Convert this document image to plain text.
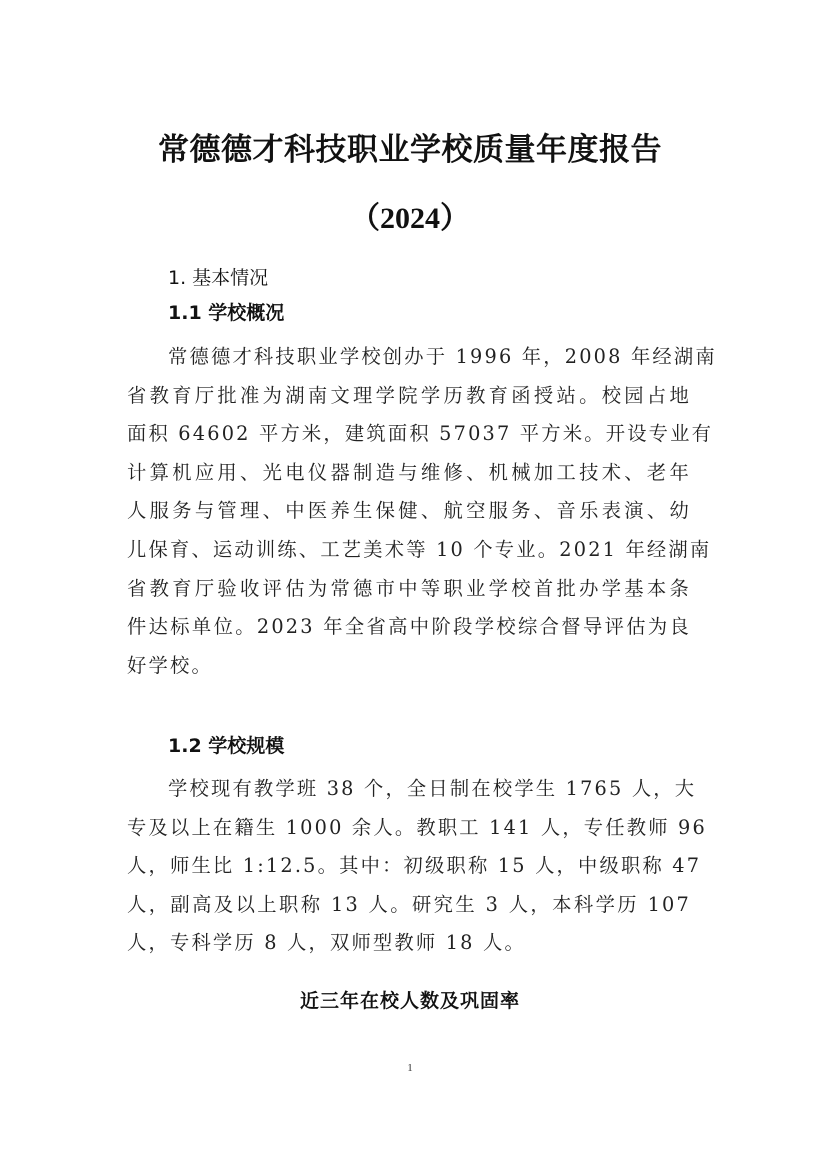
常德德才科技职业学校质量年度报告
（2024）
1. 基本情况
1.1 学校概况
常德德才科技职业学校创办于 1996 年，2008 年经湖南
省教育厅批准为湖南文理学院学历教育函授站。校园占地
面积 64602 平方米，建筑面积 57037 平方米。开设专业有
计算机应用、光电仪器制造与维修、机械加工技术、老年
人服务与管理、中医养生保健、航空服务、音乐表演、幼
儿保育、运动训练、工艺美术等 10 个专业。2021 年经湖南
省教育厅验收评估为常德市中等职业学校首批办学基本条
件达标单位。2023 年全省高中阶段学校综合督导评估为良
好学校。
1.2 学校规模
学校现有教学班 38 个，全日制在校学生 1765 人，大
专及以上在籍生 1000 余人。教职工 141 人，专任教师 96
人，师生比 1:12.5。其中：初级职称 15 人，中级职称 47
人，副高及以上职称 13 人。研究生 3 人，本科学历 107
人，专科学历 8 人，双师型教师 18 人。
近三年在校人数及巩固率
1
